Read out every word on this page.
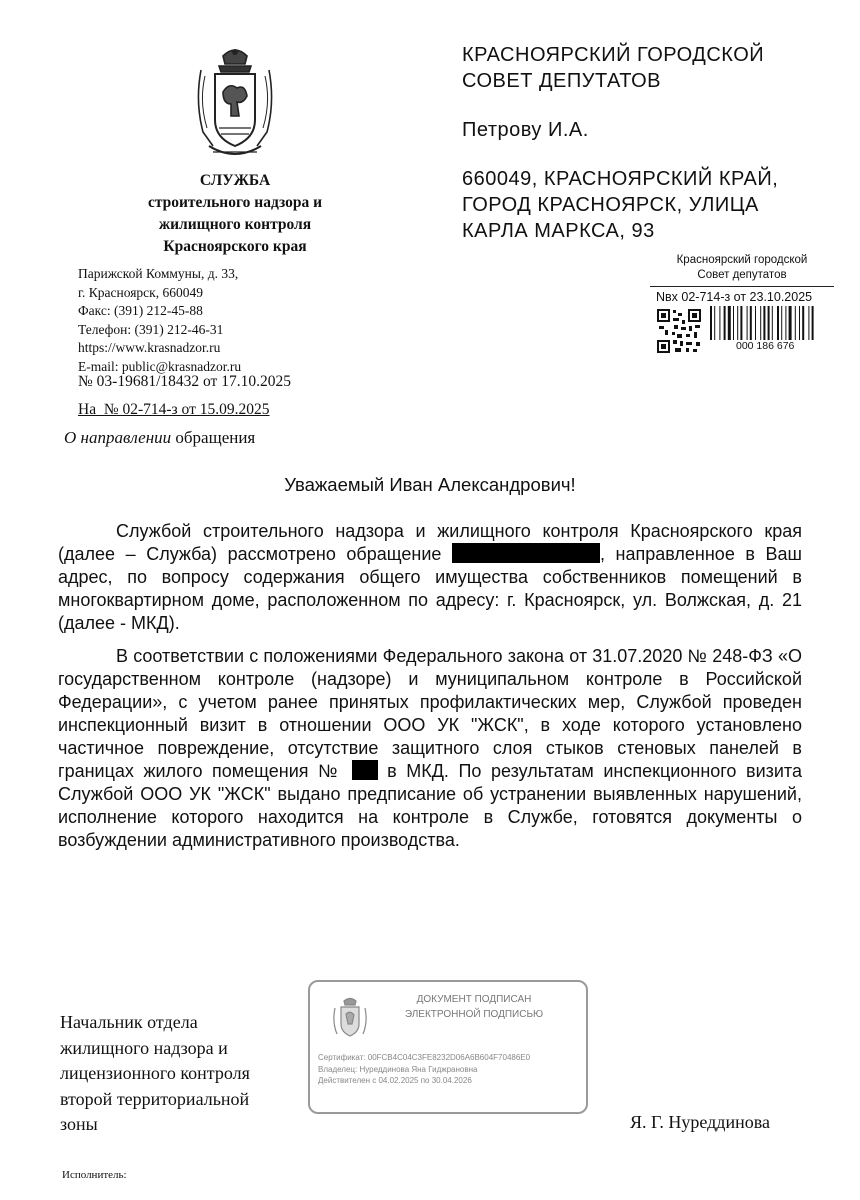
СЛУЖБА
строительного надзора и
жилищного контроля
Красноярского края
Парижской Коммуны, д. 33,
г. Красноярск, 660049
Факс: (391) 212-45-88
Телефон: (391) 212-46-31
https://www.krasnadzor.ru
E-mail: public@krasnadzor.ru
№ 03-19681/18432 от 17.10.2025
На  № 02-714-з от 15.09.2025
О направлении обращения
КРАСНОЯРСКИЙ ГОРОДСКОЙ
СОВЕТ ДЕПУТАТОВ
Петрову И.А.
660049, КРАСНОЯРСКИЙ КРАЙ,
ГОРОД КРАСНОЯРСК, УЛИЦА
КАРЛА МАРКСА, 93
Красноярский городской
Совет депутатов
Nвх 02-714-з от 23.10.2025
000 186 676
Уважаемый Иван Александрович!
Службой строительного надзора и жилищного контроля Красноярского края (далее – Служба) рассмотрено обращение	, направленное в Ваш адрес, по вопросу содержания общего имущества собственников помещений в многоквартирном доме, расположенном по адресу: г. Красноярск, ул. Волжская, д. 21 (далее - МКД).
В соответствии с положениями Федерального закона от 31.07.2020 № 248-ФЗ «О государственном контроле (надзоре) и муниципальном контроле в Российской Федерации», с учетом ранее принятых профилактических мер, Службой проведен инспекционный визит в отношении ООО УК "ЖСК", в ходе которого установлено частичное повреждение, отсутствие защитного слоя стыков стеновых панелей в границах жилого помещения №  в МКД. По результатам инспекционного визита Службой ООО УК "ЖСК" выдано предписание об устранении выявленных нарушений, исполнение которого находится на контроле в Службе, готовятся документы о возбуждении административного производства.
Начальник отдела
жилищного надзора и
лицензионного контроля
второй территориальной
зоны
ДОКУМЕНТ ПОДПИСАН
ЭЛЕКТРОННОЙ ПОДПИСЬЮ
Сертификат: 00FCB4C04C3FE8232D06A6B604F70486E0
Владелец: Нуреддинова Яна Гиджрановна
Действителен с 04.02.2025 по 30.04.2026
Я. Г. Нуреддинова
Исполнитель:
